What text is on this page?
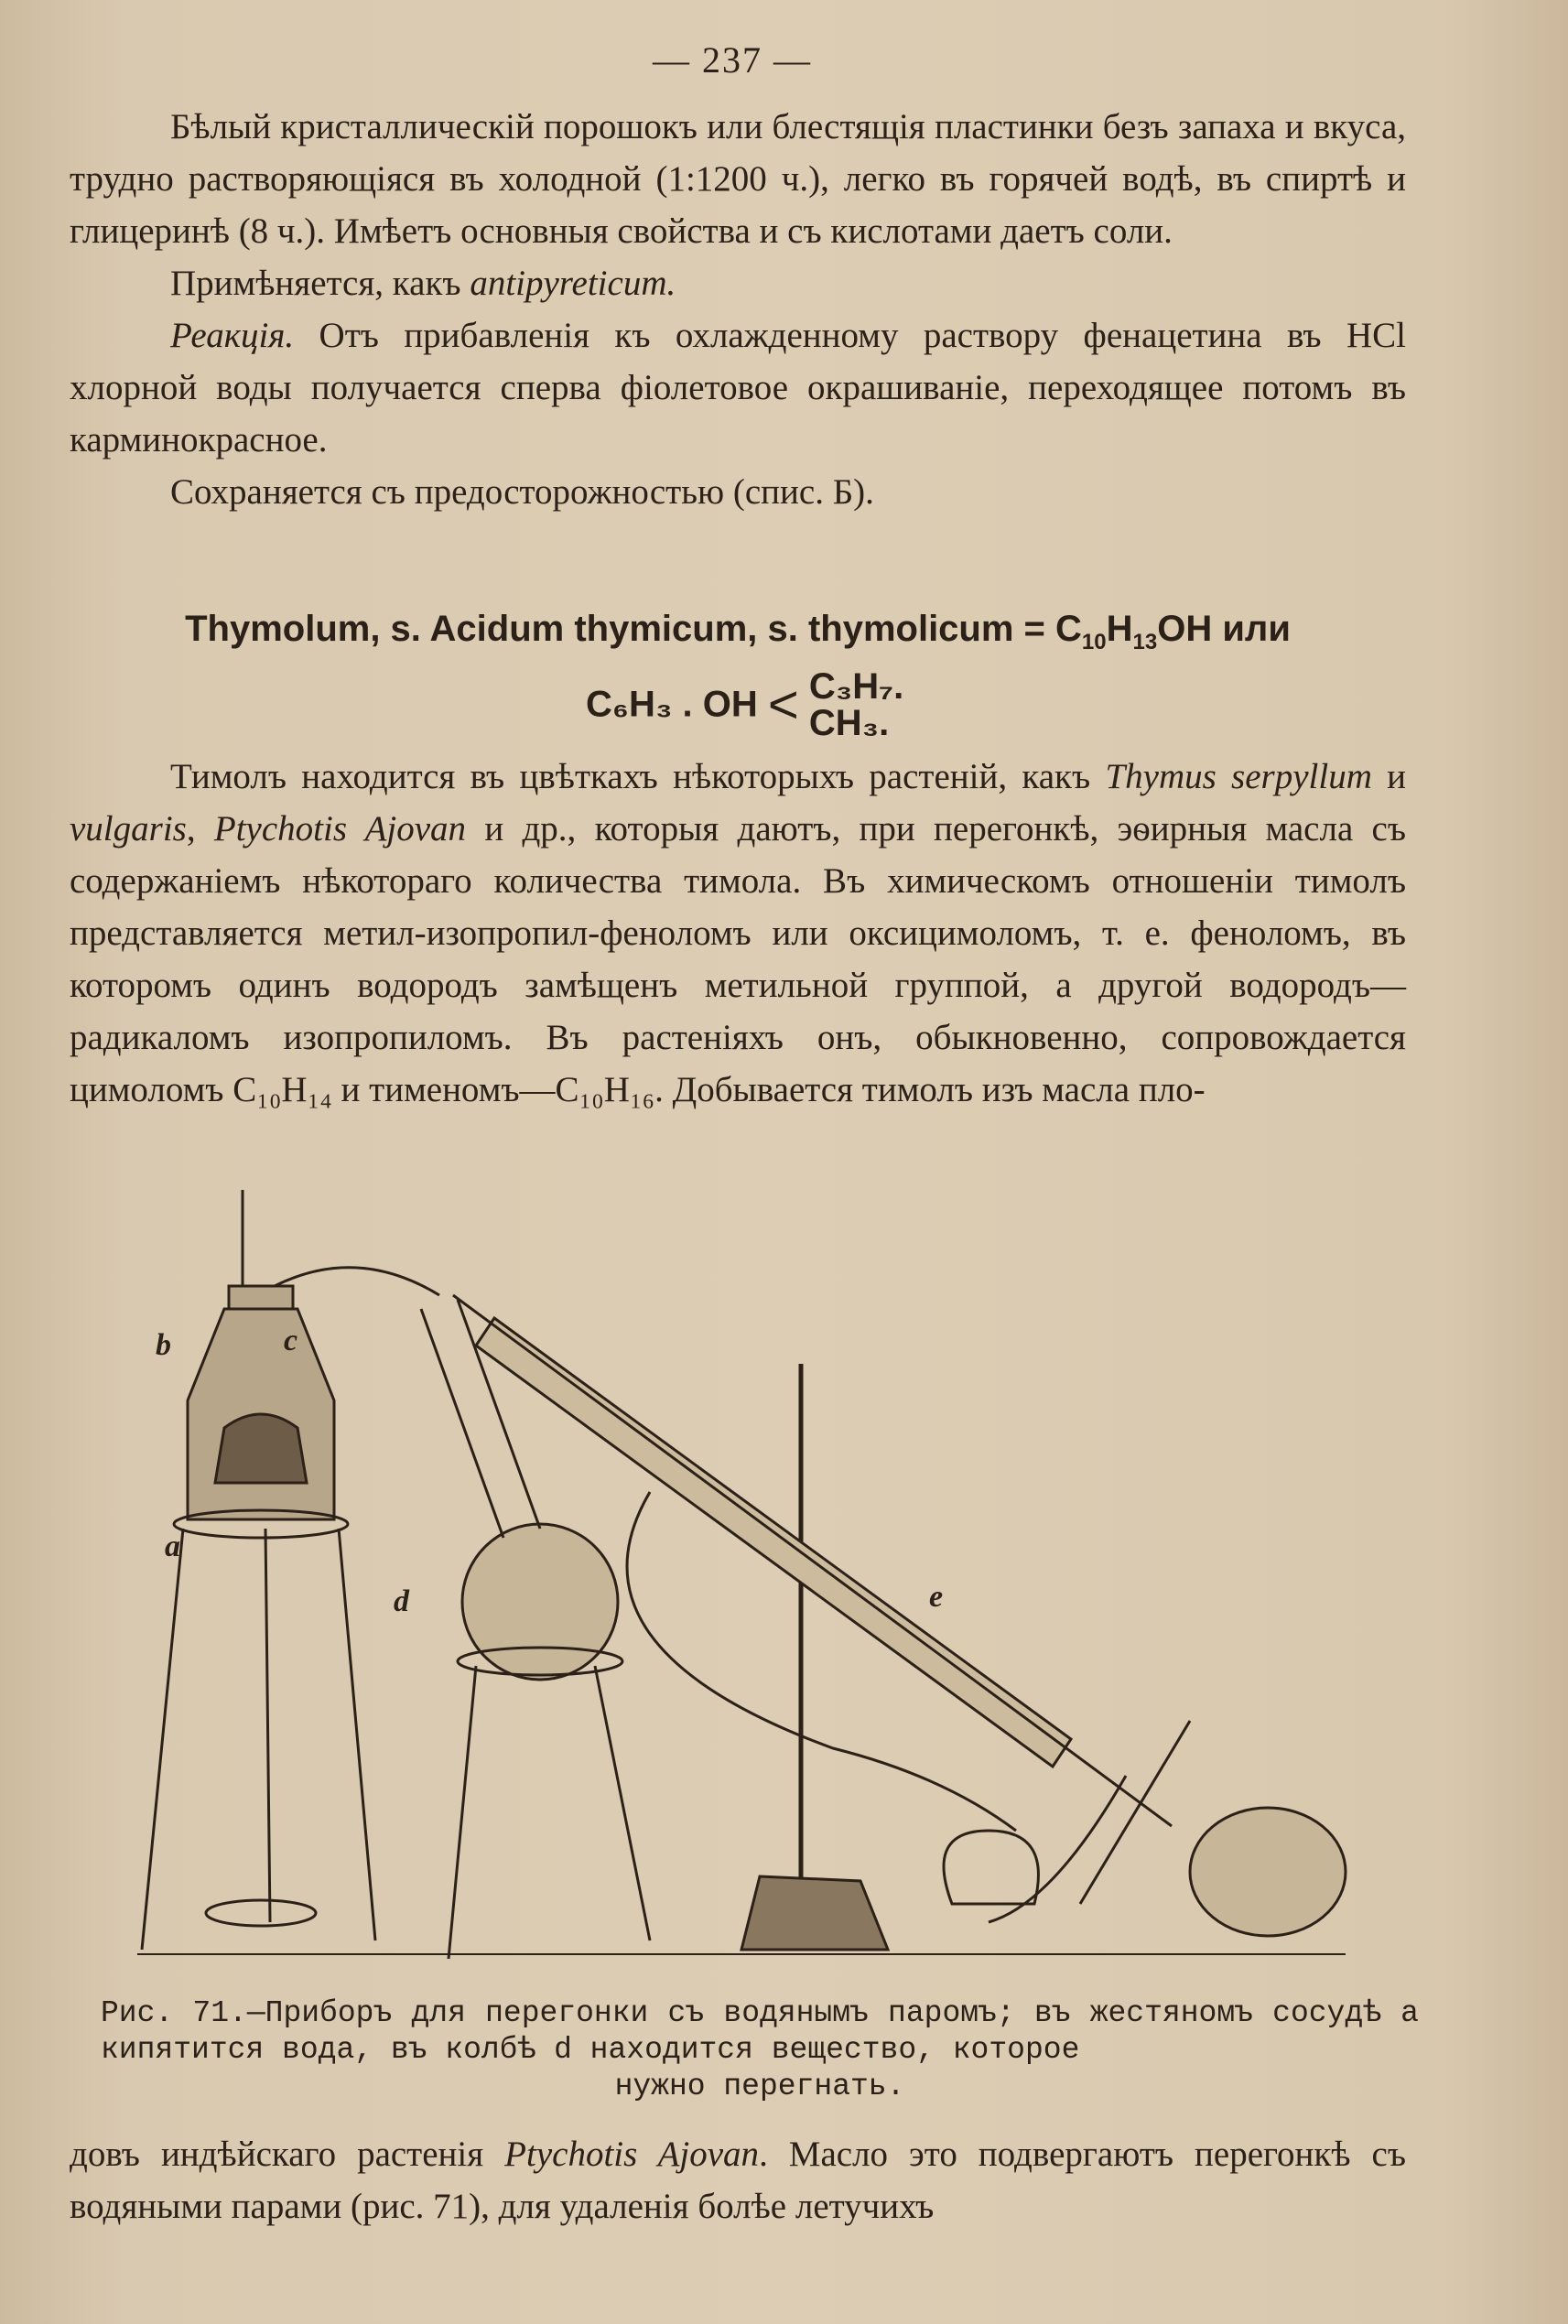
— 237 —

Бѣлый кристаллическій порошокъ или блестящія пластинки безъ запаха и вкуса, трудно растворяющіяся въ холодной (1:1200 ч.), легко въ горячей водѣ, въ спиртѣ и глицеринѣ (8 ч.). Имѣетъ основныя свойства и съ кислотами даетъ соли.

Примѣняется, какъ antipyreticum.

Реакція. Отъ прибавленія къ охлажденному раствору фенацетина въ HCl хлорной воды получается сперва фіолетовое окрашиваніе, переходящее потомъ въ карминокрасное.

Сохраняется съ предосторожностью (спис. Б).

Thymolum, s. Acidum thymicum, s. thymolicum = $C_{10}H_{13}OH$ или
C₆H₃ . OH < C₃H₇.
CH₃.

Тимолъ находится въ цвѣткахъ нѣкоторыхъ растеній, какъ Thymus serpyllum и vulgaris, Ptychotis Ajovan и др., которыя даютъ, при перегонкѣ, эѳирныя масла съ содержаніемъ нѣкотораго количества тимола. Въ химическомъ отношеніи тимолъ представляется метил-изопропил-феноломъ или оксицимоломъ, т. е. феноломъ, въ которомъ одинъ водородъ замѣщенъ метильной группой, а другой водородъ—радикаломъ изопропиломъ. Въ растеніяхъ онъ, обыкновенно, сопровождается цимоломъ C₁₀H₁₄ и тименомъ—C₁₀H₁₆. Добывается тимолъ изъ масла пло-

b	c
a
d	e
Рис. 71.—Приборъ для перегонки съ водянымъ паромъ; въ жестяномъ сосудѣ a кипятится вода, въ колбѣ d находится вещество, которое
нужно перегнать.

довъ индѣйскаго растенія Ptychotis Ajovan. Масло это подвергаютъ перегонкѣ съ водяными парами (рис. 71), для удаленія болѣе летучихъ
